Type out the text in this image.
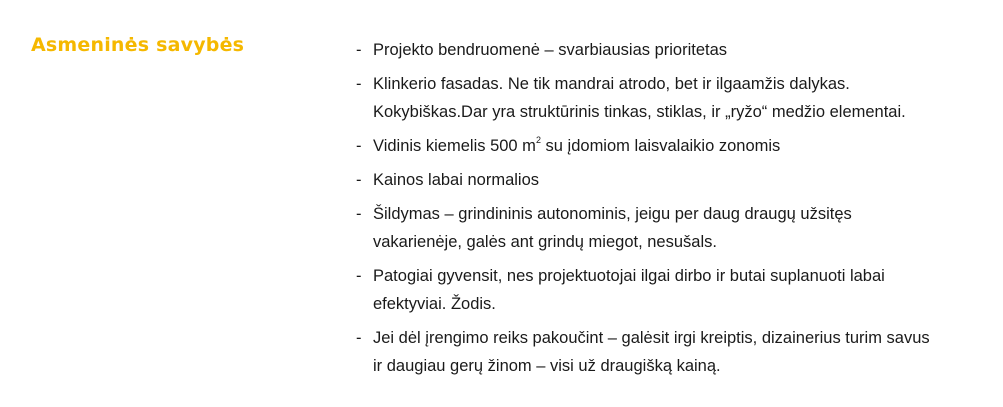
Asmeninės savybės	- Projekto bendruomenė – svarbiausias prioritetas
- Klinkerio fasadas. Ne tik mandrai atrodo, bet ir ilgaamžis dalykas.
Kokybiškas.Dar yra struktūrinis tinkas, stiklas, ir „ryžo“ medžio elementai.
- Vidinis kiemelis 500 $m^2$ su įdomiom laisvalaikio zonomis
- Kainos labai normalios
- Šildymas – grindininis autonominis, jeigu per daug draugų užsitęs
vakarienėje, galės ant grindų miegot, nesušals.
- Patogiai gyvensit, nes projektuotojai ilgai dirbo ir butai suplanuoti labai
efektyviai. Žodis.
- Jei dėl įrengimo reiks pakoučint – galėsit irgi kreiptis, dizainerius turim savus
ir daugiau gerų žinom – visi už draugišką kainą.
